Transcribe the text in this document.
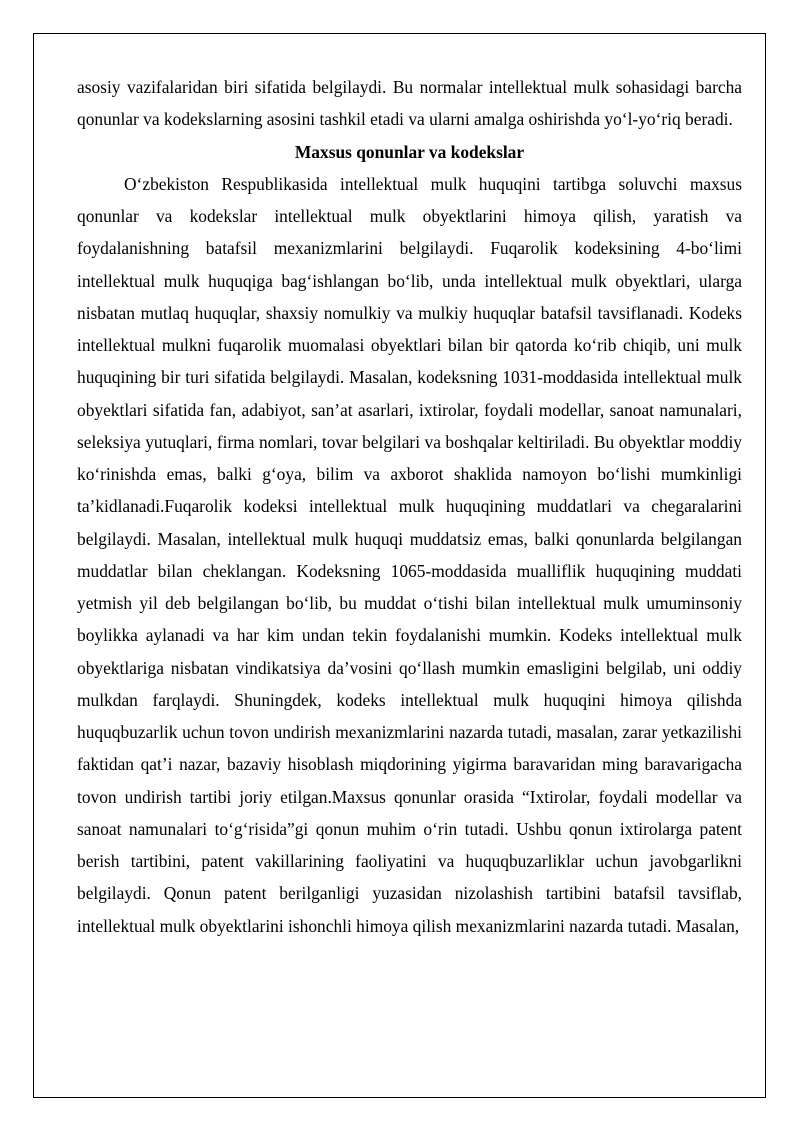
asosiy vazifalaridan biri sifatida belgilaydi. Bu normalar intellektual mulk sohasidagi barcha qonunlar va kodekslarning asosini tashkil etadi va ularni amalga oshirishda yo‘l-yo‘riq beradi.

Maxsus qonunlar va kodekslar

O‘zbekiston Respublikasida intellektual mulk huquqini tartibga soluvchi maxsus qonunlar va kodekslar intellektual mulk obyektlarini himoya qilish, yaratish va foydalanishning batafsil mexanizmlarini belgilaydi. Fuqarolik kodeksining 4-bo‘limi intellektual mulk huquqiga bag‘ishlangan bo‘lib, unda intellektual mulk obyektlari, ularga nisbatan mutlaq huquqlar, shaxsiy nomulkiy va mulkiy huquqlar batafsil tavsiflanadi. Kodeks intellektual mulkni fuqarolik muomalasi obyektlari bilan bir qatorda ko‘rib chiqib, uni mulk huquqining bir turi sifatida belgilaydi. Masalan, kodeksning 1031-moddasida intellektual mulk obyektlari sifatida fan, adabiyot, san’at asarlari, ixtirolar, foydali modellar, sanoat namunalari, seleksiya yutuqlari, firma nomlari, tovar belgilari va boshqalar keltiriladi. Bu obyektlar moddiy ko‘rinishda emas, balki g‘oya, bilim va axborot shaklida namoyon bo‘lishi mumkinligi ta’kidlanadi.Fuqarolik kodeksi intellektual mulk huquqining muddatlari va chegaralarini belgilaydi. Masalan, intellektual mulk huquqi muddatsiz emas, balki qonunlarda belgilangan muddatlar bilan cheklangan. Kodeksning 1065-moddasida mualliflik huquqining muddati yetmish yil deb belgilangan bo‘lib, bu muddat o‘tishi bilan intellektual mulk umuminsoniy boylikka aylanadi va har kim undan tekin foydalanishi mumkin. Kodeks intellektual mulk obyektlariga nisbatan vindikatsiya da’vosini qo‘llash mumkin emasligini belgilab, uni oddiy mulkdan farqlaydi. Shuningdek, kodeks intellektual mulk huquqini himoya qilishda huquqbuzarlik uchun tovon undirish mexanizmlarini nazarda tutadi, masalan, zarar yetkazilishi faktidan qat’i nazar, bazaviy hisoblash miqdorining yigirma baravaridan ming baravarigacha tovon undirish tartibi joriy etilgan.Maxsus qonunlar orasida “Ixtirolar, foydali modellar va sanoat namunalari to‘g‘risida”gi qonun muhim o‘rin tutadi. Ushbu qonun ixtirolarga patent berish tartibini, patent vakillarining faoliyatini va huquqbuzarliklar uchun javobgarlikni belgilaydi. Qonun patent berilganligi yuzasidan nizolashish tartibini batafsil tavsiflab, intellektual mulk obyektlarini ishonchli himoya qilish mexanizmlarini nazarda tutadi. Masalan,
